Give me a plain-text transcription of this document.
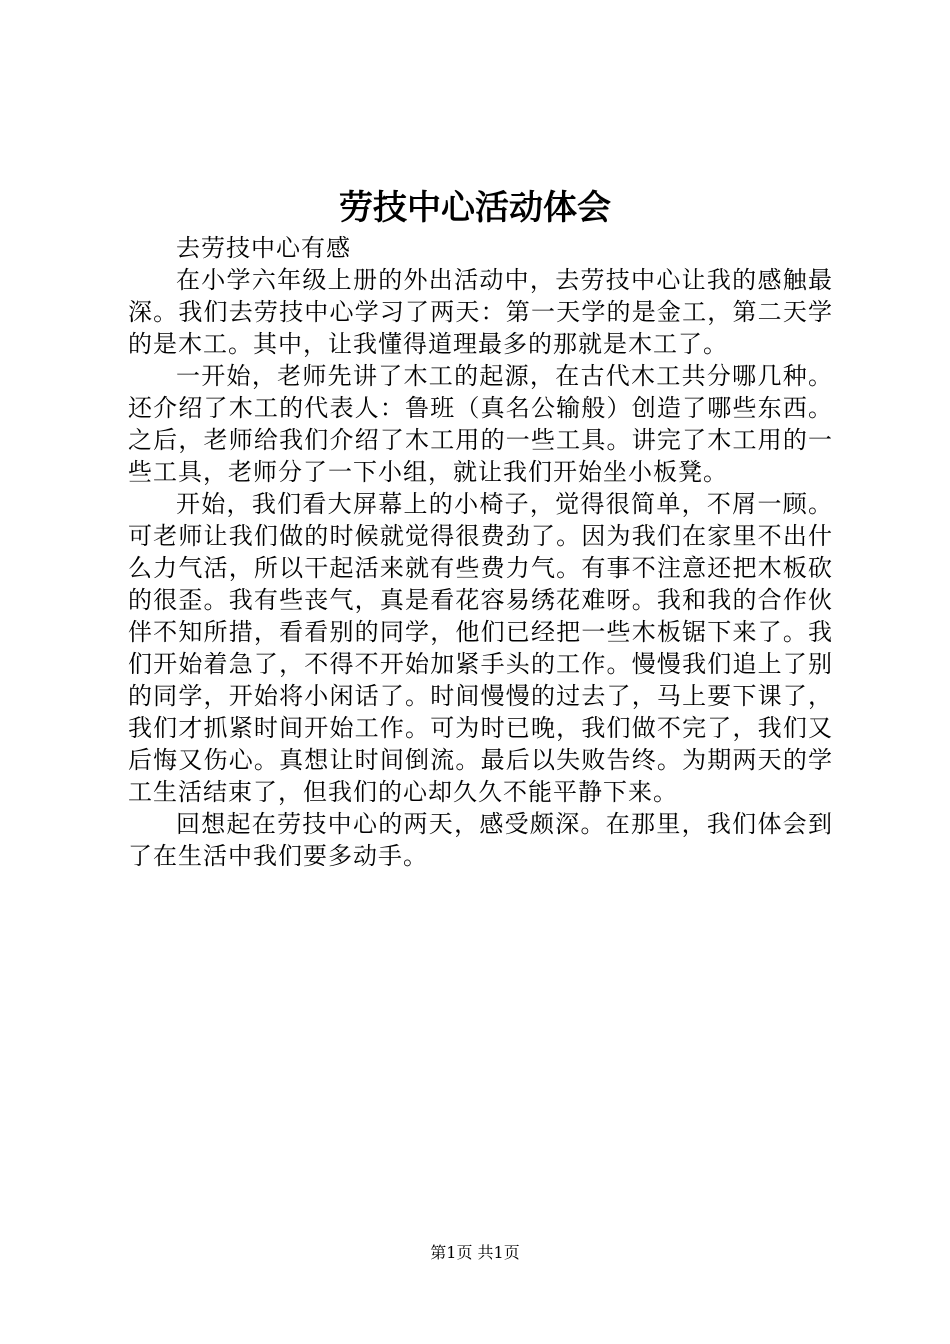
劳技中心活动体会

去劳技中心有感

在小学六年级上册的外出活动中，去劳技中心让我的感触最深。我们去劳技中心学习了两天：第一天学的是金工，第二天学的是木工。其中，让我懂得道理最多的那就是木工了。

一开始，老师先讲了木工的起源，在古代木工共分哪几种。还介绍了木工的代表人：鲁班（真名公输般）创造了哪些东西。之后，老师给我们介绍了木工用的一些工具。讲完了木工用的一些工具，老师分了一下小组，就让我们开始坐小板凳。

开始，我们看大屏幕上的小椅子，觉得很简单，不屑一顾。可老师让我们做的时候就觉得很费劲了。因为我们在家里不出什么力气活，所以干起活来就有些费力气。有事不注意还把木板砍的很歪。我有些丧气，真是看花容易绣花难呀。我和我的合作伙伴不知所措，看看别的同学，他们已经把一些木板锯下来了。我们开始着急了，不得不开始加紧手头的工作。慢慢我们追上了别的同学，开始将小闲话了。时间慢慢的过去了，马上要下课了，我们才抓紧时间开始工作。可为时已晚，我们做不完了，我们又后悔又伤心。真想让时间倒流。最后以失败告终。为期两天的学工生活结束了，但我们的心却久久不能平静下来。

回想起在劳技中心的两天，感受颇深。在那里，我们体会到了在生活中我们要多动手。

第1页 共1页
